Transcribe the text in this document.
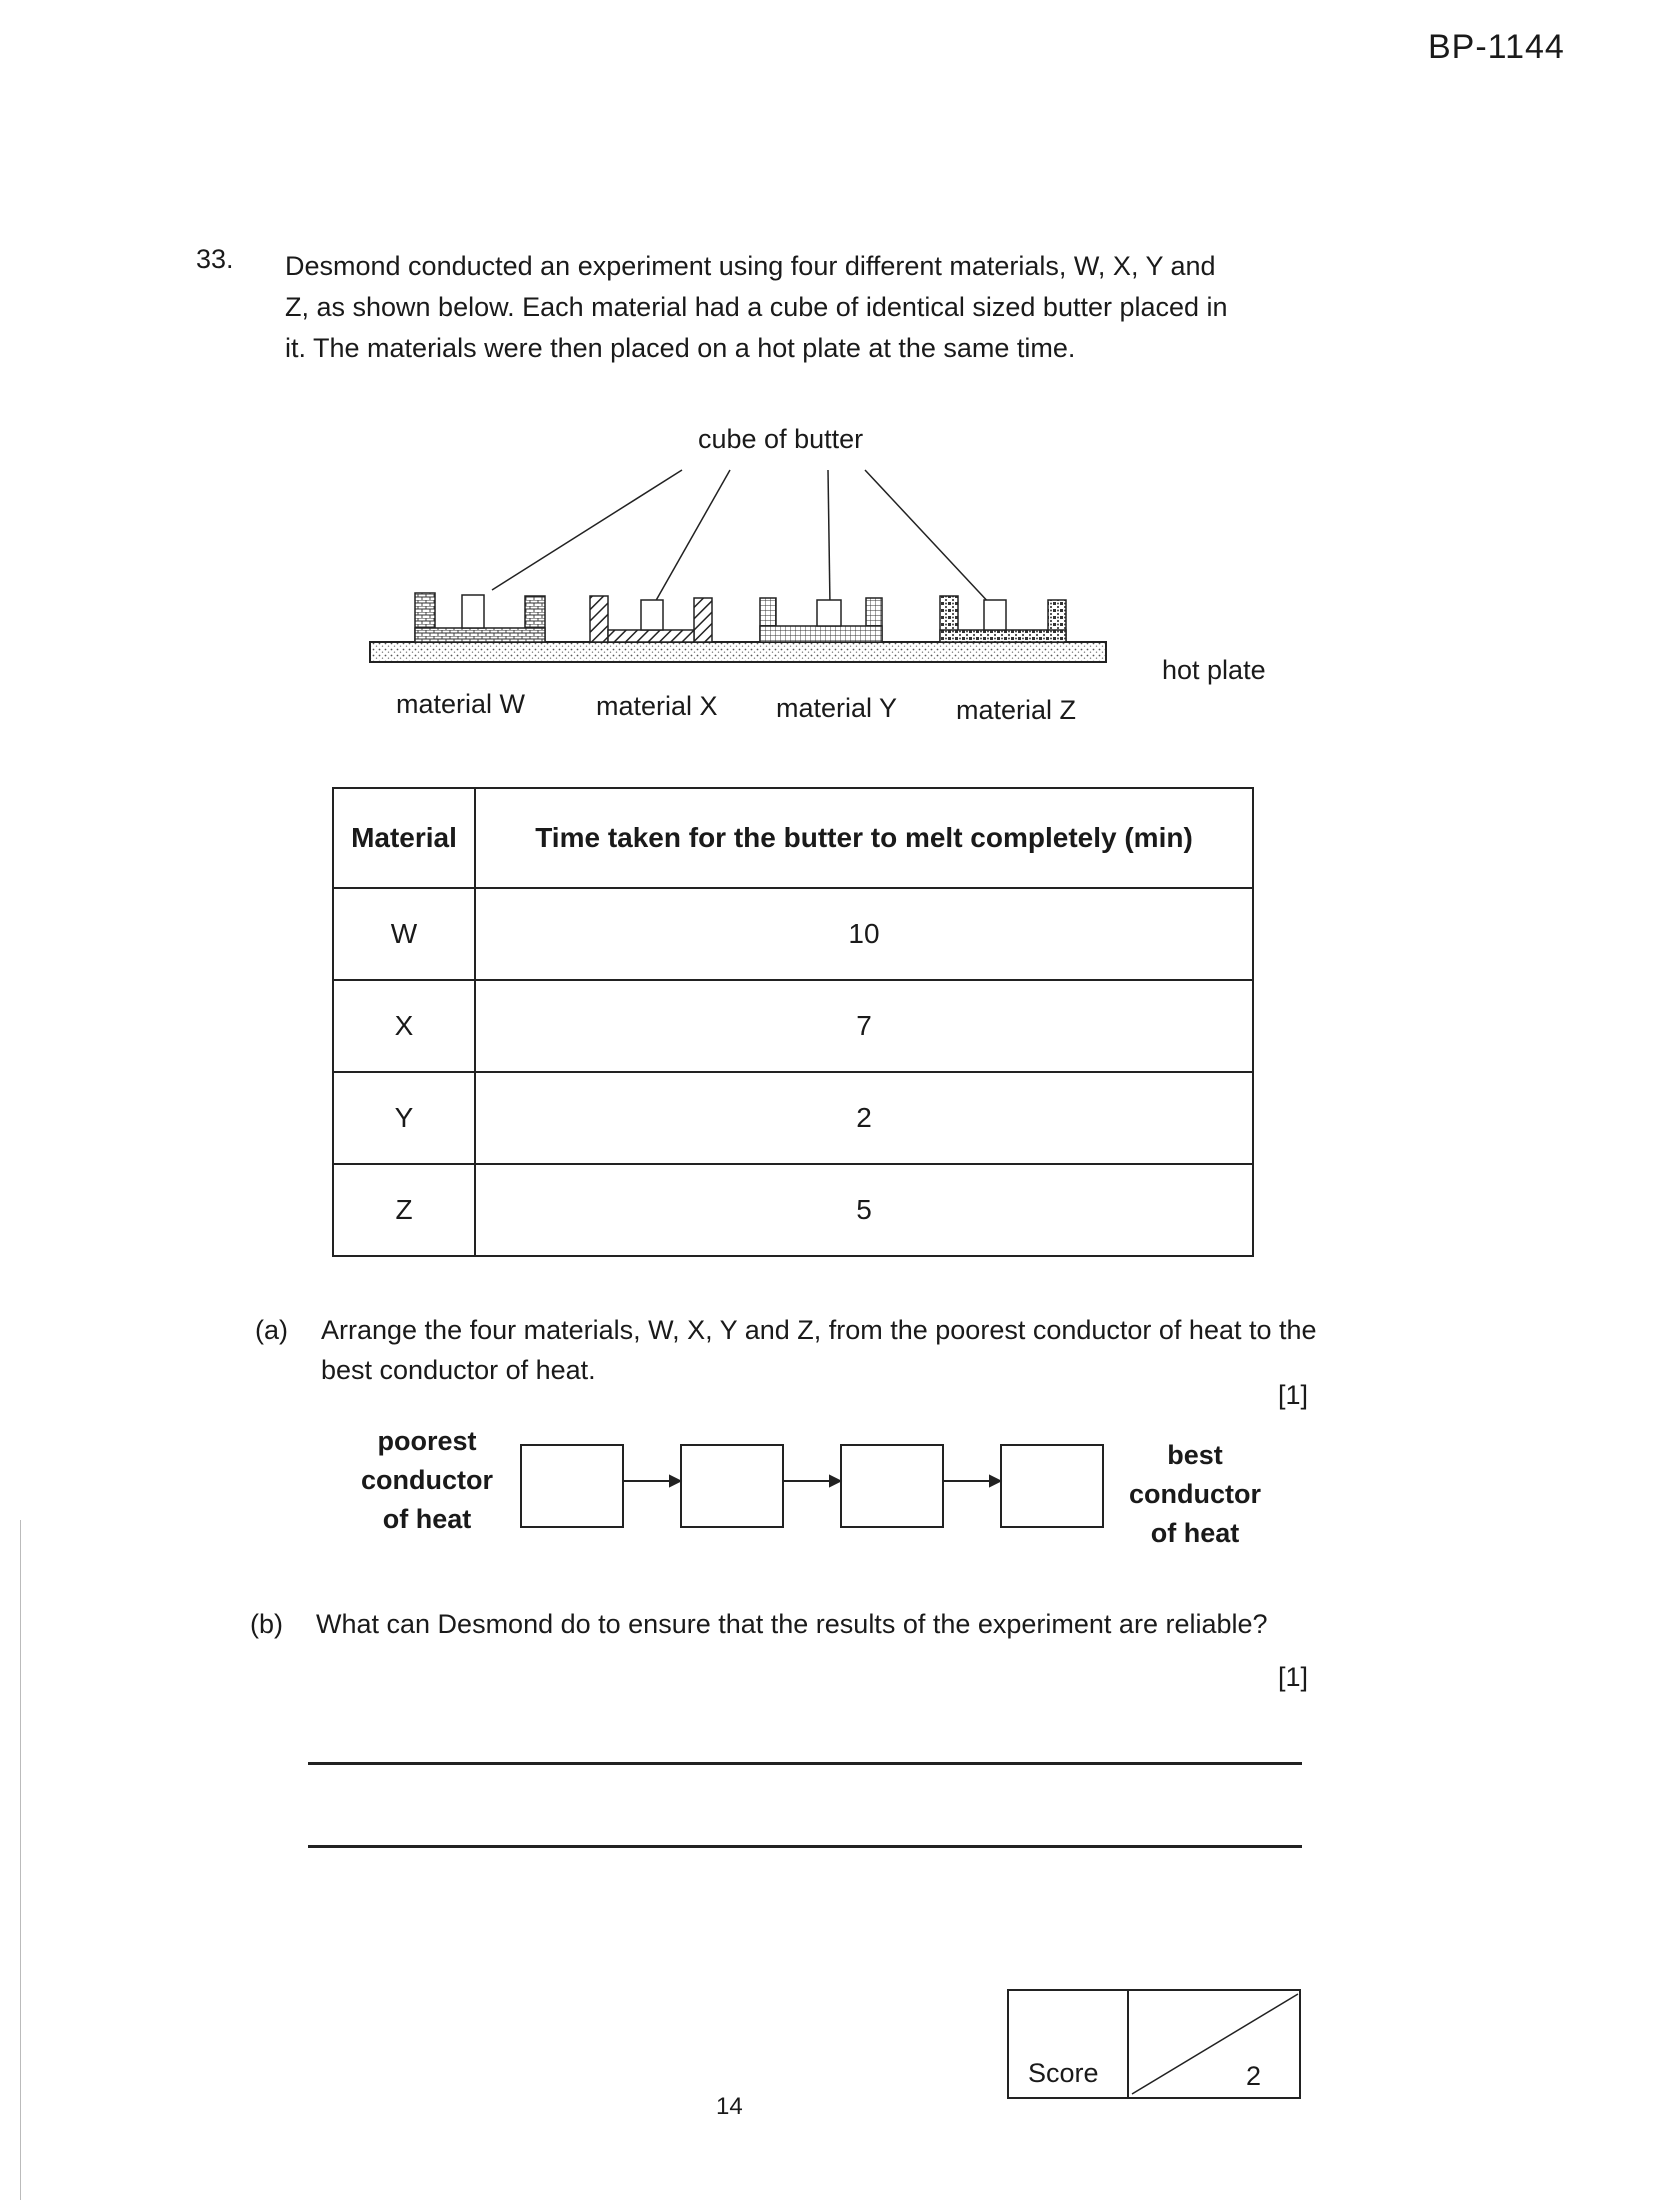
BP-1144
33. Desmond conducted an experiment using four different materials, W, X, Y and

Z, as shown below. Each material had a cube of identical sized butter placed in

it. The materials were then placed on a hot plate at the same time.

cube of butter
material W	material X material Y material Z
hot plate
Material	Time taken for the butter to melt completely (min)
W	10
X	7
Y	2
Z	5
(a) Arrange the four materials, W, X, Y and Z, from the poorest conductor of heat to the best conductor of heat.
[1]
poorest
conductor
of heat
best
conductor
of heat
(b) What can Desmond do to ensure that the results of the experiment are reliable?
[1]
Score	2
14
